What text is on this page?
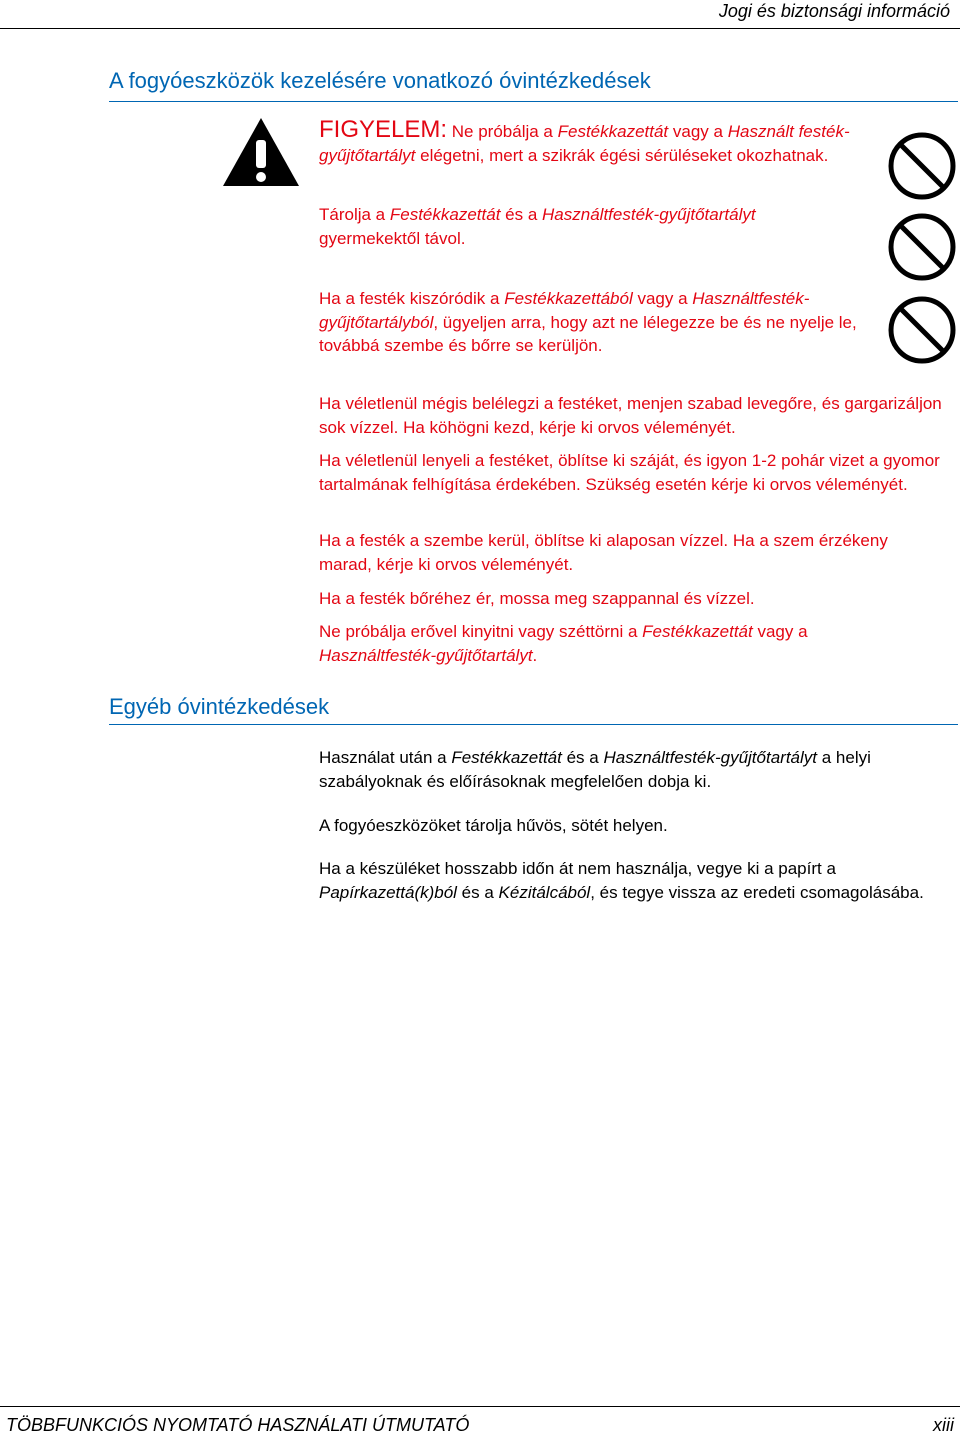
Jogi és biztonsági információ
A fogyóeszközök kezelésére vonatkozó óvintézkedések
FIGYELEM: Ne próbálja a Festékkazettát vagy a Használt festék-gyűjtőtartályt elégetni, mert a szikrák égési sérüléseket okozhatnak.
Tárolja a Festékkazettát és a Használtfesték-gyűjtőtartályt gyermekektől távol.
Ha a festék kiszóródik a Festékkazettából vagy a Használtfesték-gyűjtőtartályból, ügyeljen arra, hogy azt ne lélegezze be és ne nyelje le, továbbá szembe és bőrre se kerüljön.
Ha véletlenül mégis belélegzi a festéket, menjen szabad levegőre, és gargarizáljon sok vízzel. Ha köhögni kezd, kérje ki orvos véleményét.
Ha véletlenül lenyeli a festéket, öblítse ki száját, és igyon 1-2 pohár vizet a gyomor tartalmának felhígítása érdekében. Szükség esetén kérje ki orvos véleményét.
Ha a festék a szembe kerül, öblítse ki alaposan vízzel. Ha a szem érzékeny marad, kérje ki orvos véleményét.
Ha a festék bőréhez ér, mossa meg szappannal és vízzel.
Ne próbálja erővel kinyitni vagy széttörni a Festékkazettát vagy a Használtfesték-gyűjtőtartályt.
Egyéb óvintézkedések
Használat után a Festékkazettát és a Használtfesték-gyűjtőtartályt a helyi szabályoknak és előírásoknak megfelelően dobja ki.
A fogyóeszközöket tárolja hűvös, sötét helyen.
Ha a készüléket hosszabb időn át nem használja, vegye ki a papírt a Papírkazettá(k)ból és a Kézitálcából, és tegye vissza az eredeti csomagolásába.
TÖBBFUNKCIÓS NYOMTATÓ HASZNÁLATI ÚTMUTATÓ	xiii
